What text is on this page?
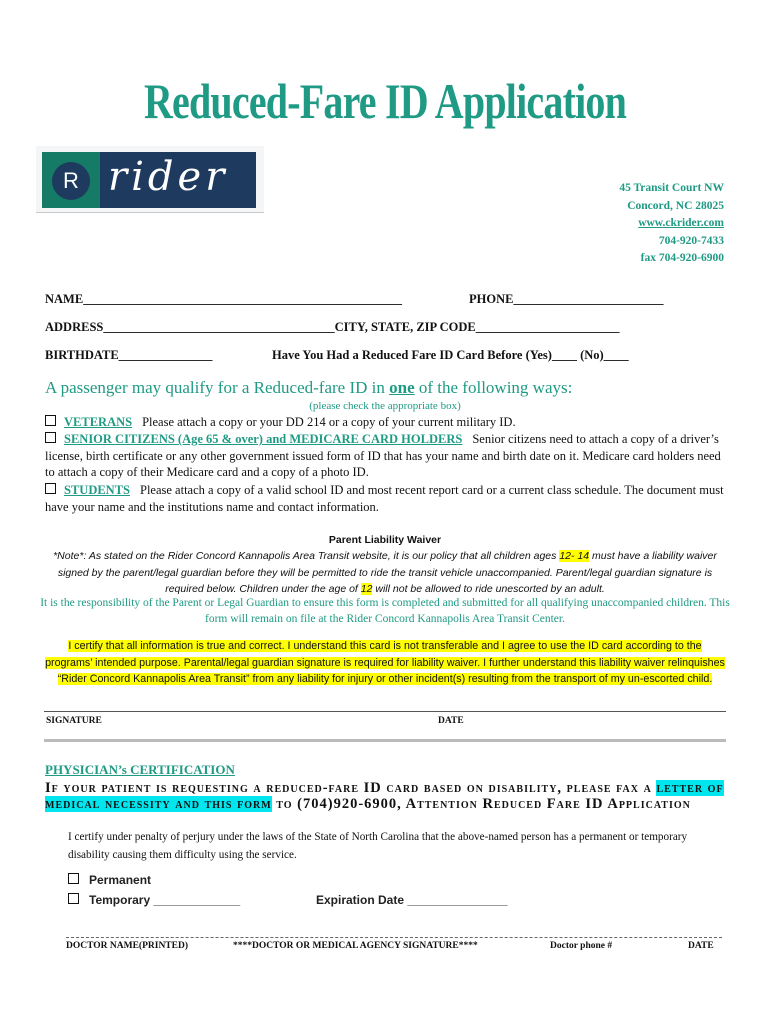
Reduced-Fare ID Application
R rider	45 Transit Court NW
Concord, NC 28025
www.ckrider.com
704-920-7433
fax 704-920-6900
NAME___________________________________________________	PHONE________________________
ADDRESS_____________________________________CITY, STATE, ZIP CODE_______________________
BIRTHDATE_______________	Have You Had a Reduced Fare ID Card Before (Yes)____ (No)____
A passenger may qualify for a Reduced-fare ID in one of the following ways:
(please check the appropriate box)
VETERANS Please attach a copy or your DD 214 or a copy of your current military ID.
SENIOR CITIZENS (Age 65 & over) and MEDICARE CARD HOLDERS Senior citizens need to attach a copy of a driver’s license, birth certificate or any other government issued form of ID that has your name and birth date on it. Medicare card holders need to attach a copy of their Medicare card and a copy of a photo ID.
STUDENTS Please attach a copy of a valid school ID and most recent report card or a current class schedule. The document must have your name and the institutions name and contact information.
Parent Liability Waiver
*Note*: As stated on the Rider Concord Kannapolis Area Transit website, it is our policy that all children ages 12- 14 must have a liability waiver signed by the parent/legal guardian before they will be permitted to ride the transit vehicle unaccompanied. Parent/legal guardian signature is required below. Children under the age of 12 will not be allowed to ride unescorted by an adult.
It is the responsibility of the Parent or Legal Guardian to ensure this form is completed and submitted for all qualifying unaccompanied children. This form will remain on file at the Rider Concord Kannapolis Area Transit Center.
I certify that all information is true and correct. I understand this card is not transferable and I agree to use the ID card according to the programs’ intended purpose. Parental/legal guardian signature is required for liability waiver. I further understand this liability waiver relinquishes “Rider Concord Kannapolis Area Transit” from any liability for injury or other incident(s) resulting from the transport of my un-escorted child.
SIGNATURE	DATE
PHYSICIAN’s CERTIFICATION
If your patient is requesting a reduced-fare ID card based on disability, please fax a letter of medical necessity and this form to (704)920-6900, Attention Reduced Fare ID Application
I certify under penalty of perjury under the laws of the State of North Carolina that the above-named person has a permanent or temporary disability causing them difficulty using the service.
Permanent
Temporary _____________	Expiration Date _______________
DOCTOR NAME(PRINTED)	****DOCTOR OR MEDICAL AGENCY SIGNATURE****	Doctor phone #	DATE
